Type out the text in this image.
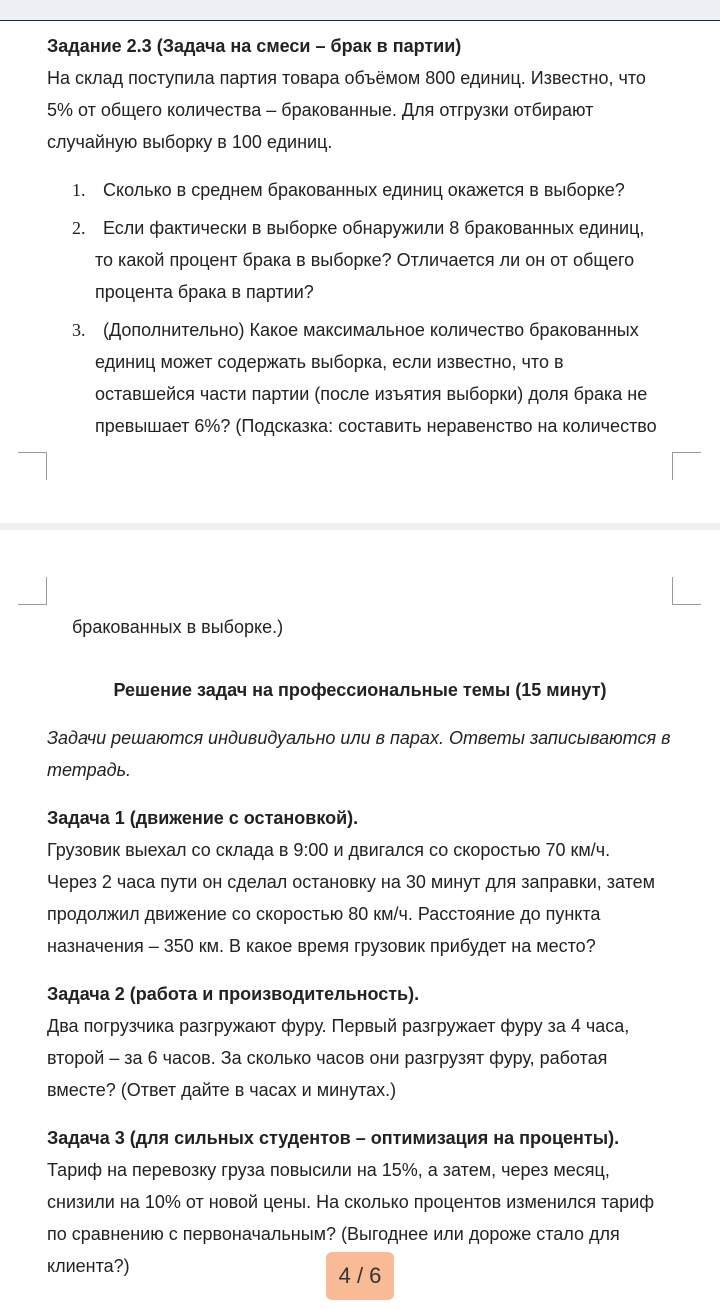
Задание 2.3 (Задача на смеси – брак в партии)
На склад поступила партия товара объёмом 800 единиц. Известно, что
5% от общего количества – бракованные. Для отгрузки отбирают
случайную выборку в 100 единиц.
1. Сколько в среднем бракованных единиц окажется в выборке?
2. Если фактически в выборке обнаружили 8 бракованных единиц,
то какой процент брака в выборке? Отличается ли он от общего
процента брака в партии?
3. (Дополнительно) Какое максимальное количество бракованных
единиц может содержать выборка, если известно, что в
оставшейся части партии (после изъятия выборки) доля брака не
превышает 6%? (Подсказка: составить неравенство на количество
бракованных в выборке.)
Решение задач на профессиональные темы (15 минут)
Задачи решаются индивидуально или в парах. Ответы записываются в
тетрадь.
Задача 1 (движение с остановкой).
Грузовик выехал со склада в 9:00 и двигался со скоростью 70 км/ч.
Через 2 часа пути он сделал остановку на 30 минут для заправки, затем
продолжил движение со скоростью 80 км/ч. Расстояние до пункта
назначения – 350 км. В какое время грузовик прибудет на место?
Задача 2 (работа и производительность).
Два погрузчика разгружают фуру. Первый разгружает фуру за 4 часа,
второй – за 6 часов. За сколько часов они разгрузят фуру, работая
вместе? (Ответ дайте в часах и минутах.)
Задача 3 (для сильных студентов – оптимизация на проценты).
Тариф на перевозку груза повысили на 15%, а затем, через месяц,
снизили на 10% от новой цены. На сколько процентов изменился тариф
по сравнению с первоначальным? (Выгоднее или дороже стало для
клиента?)	4 / 6
